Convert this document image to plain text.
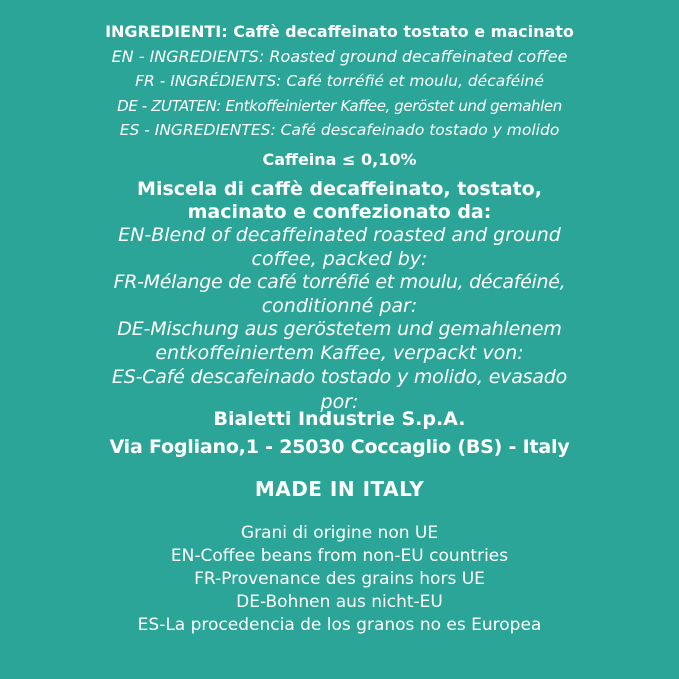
INGREDIENTI: Caffè decaffeinato tostato e macinato
EN - INGREDIENTS: Roasted ground decaffeinated coffee
FR - INGRÉDIENTS: Café torréfié et moulu, décaféiné
DE - ZUTATEN: Entkoffeinierter Kaffee, geröstet und gemahlen
ES - INGREDIENTES: Café descafeinado tostado y molido
Caffeina ≤ 0,10%
Miscela di caffè decaffeinato, tostato,
macinato e confezionato da:
EN-Blend of decaffeinated roasted and ground
coffee, packed by:
FR-Mélange de café torréfié et moulu, décaféiné,
conditionné par:
DE-Mischung aus geröstetem und gemahlenem
entkoffeiniertem Kaffee, verpackt von:
ES-Café descafeinado tostado y molido, evasado
por:
Bialetti Industrie S.p.A.
Via Fogliano,1 - 25030 Coccaglio (BS) - Italy
MADE IN ITALY
Grani di origine non UE
EN-Coffee beans from non-EU countries
FR-Provenance des grains hors UE
DE-Bohnen aus nicht-EU
ES-La procedencia de los granos no es Europea
